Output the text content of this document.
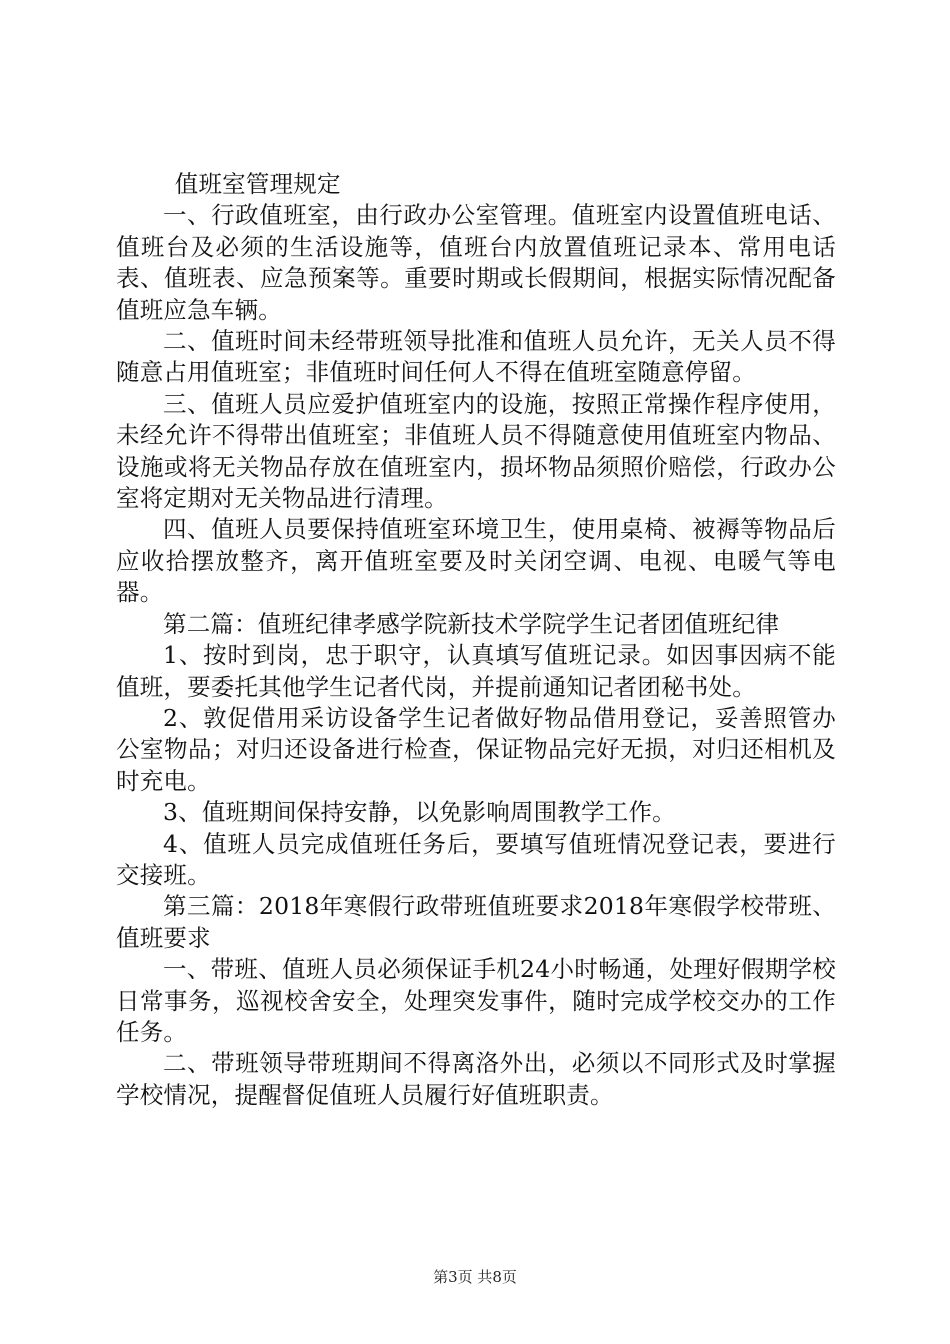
值班室管理规定

一、行政值班室，由行政办公室管理。值班室内设置值班电话、值班台及必须的生活设施等，值班台内放置值班记录本、常用电话表、值班表、应急预案等。重要时期或长假期间，根据实际情况配备值班应急车辆。

二、值班时间未经带班领导批准和值班人员允许，无关人员不得随意占用值班室；非值班时间任何人不得在值班室随意停留。

三、值班人员应爱护值班室内的设施，按照正常操作程序使用，未经允许不得带出值班室；非值班人员不得随意使用值班室内物品、设施或将无关物品存放在值班室内，损坏物品须照价赔偿，行政办公室将定期对无关物品进行清理。

四、值班人员要保持值班室环境卫生，使用桌椅、被褥等物品后应收拾摆放整齐，离开值班室要及时关闭空调、电视、电暖气等电器。

第二篇：值班纪律孝感学院新技术学院学生记者团值班纪律

1、按时到岗，忠于职守，认真填写值班记录。如因事因病不能值班，要委托其他学生记者代岗，并提前通知记者团秘书处。

2、敦促借用采访设备学生记者做好物品借用登记，妥善照管办公室物品；对归还设备进行检查，保证物品完好无损，对归还相机及时充电。

3、值班期间保持安静，以免影响周围教学工作。

4、值班人员完成值班任务后，要填写值班情况登记表，要进行交接班。

第三篇：2018年寒假行政带班值班要求2018年寒假学校带班、值班要求

一、带班、值班人员必须保证手机24小时畅通，处理好假期学校日常事务，巡视校舍安全，处理突发事件，随时完成学校交办的工作任务。

二、带班领导带班期间不得离洛外出，必须以不同形式及时掌握学校情况，提醒督促值班人员履行好值班职责。

第3页 共8页
